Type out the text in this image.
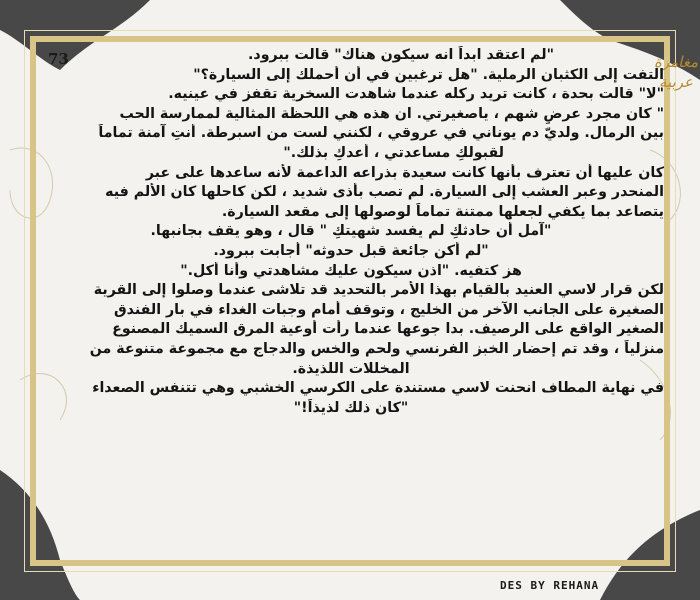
73	مغامرة
عربية
"لم اعتقد ابداً انه سيكون هناك" قالت ببرود.
التفت إلى الكثبان الرملية. "هل ترغبين في أن أحملك إلى السيارة؟"
"لا" قالت بحدة ، كانت تريد ركله عندما شاهدت السخرية تقفز في عينيه.
" كان مجرد عرضٍ شهم ، ياصغيرتي. ان هذه هي اللحظة المثالية لممارسة الحب
بين الرمال. ولديّ دم يوناني في عروقي ، لكنني لست من اسبرطة. أنتِ آمنة تماماً
لقبولكِ مساعدتي ، أعدكِ بذلك."
كان عليها أن تعترف بأنها كانت سعيدة بذراعه الداعمة لأنه ساعدها على عبر
المنحدر وعبر العشب إلى السيارة. لم تصب بأذى شديد ، لكن كاحلها كان الألم فيه
يتصاعد بما يكفي لجعلها ممتنة تماماً لوصولها إلى مقعد السيارة.
"آمل أن حادثكِ لم يفسد شهيتكِ " قال ، وهو يقف بجانبها.
"لم أكن جائعة قبل حدوثه" أجابت ببرود.
هز كتفيه. "اذن سيكون عليك مشاهدتي وأنا أكل."
لكن قرار لاسي العنيد بالقيام بهذا الأمر بالتحديد قد تلاشى عندما وصلوا إلى القرية
الصغيرة على الجانب الآخر من الخليج ، وتوقف أمام وجبات الغداء في بار الفندق
الصغير الواقع على الرصيف. بدا جوعها عندما رأت أوعية المرق السميك المصنوع
منزلياً ، وقد تم إحضار الخبز الفرنسي ولحم والخس والدجاج مع مجموعة متنوعة من
المخللات اللذيذة.
في نهاية المطاف انحنت لاسي مستندة على الكرسي الخشبي وهي تتنفس الصعداء
"كان ذلك لذيذاً!"
DES BY REHANA
